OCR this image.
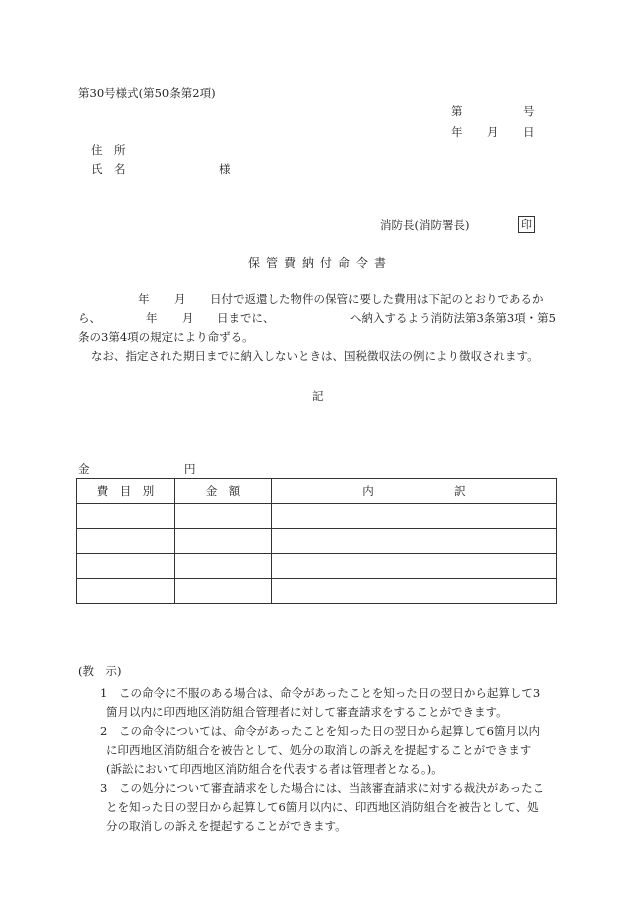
第30号様式(第50条第2項)
第	号
年 月 日
住　所
氏　名	様
消防長(消防署長)	印
保管費納付命令書
年 月 日付で返還した物件の保管に要した費用は下記のとおりであるか
ら、	年 月 日までに、	へ納入するよう消防法第3条第3項・第5
条の3第4項の規定により命ずる。
なお、指定された期日までに納入しないときは、国税徴収法の例により徴収されます。
記
金	円
費　目　別	金　額	内　　　　　　　訳

(教　示)
1 この命令に不服のある場合は、命令があったことを知った日の翌日から起算して3
箇月以内に印西地区消防組合管理者に対して審査請求をすることができます。
2 この命令については、命令があったことを知った日の翌日から起算して6箇月以内
に印西地区消防組合を被告として、処分の取消しの訴えを提起することができます
(訴訟において印西地区消防組合を代表する者は管理者となる。)。
3 この処分について審査請求をした場合には、当該審査請求に対する裁決があったこ
とを知った日の翌日から起算して6箇月以内に、印西地区消防組合を被告として、処
分の取消しの訴えを提起することができます。
